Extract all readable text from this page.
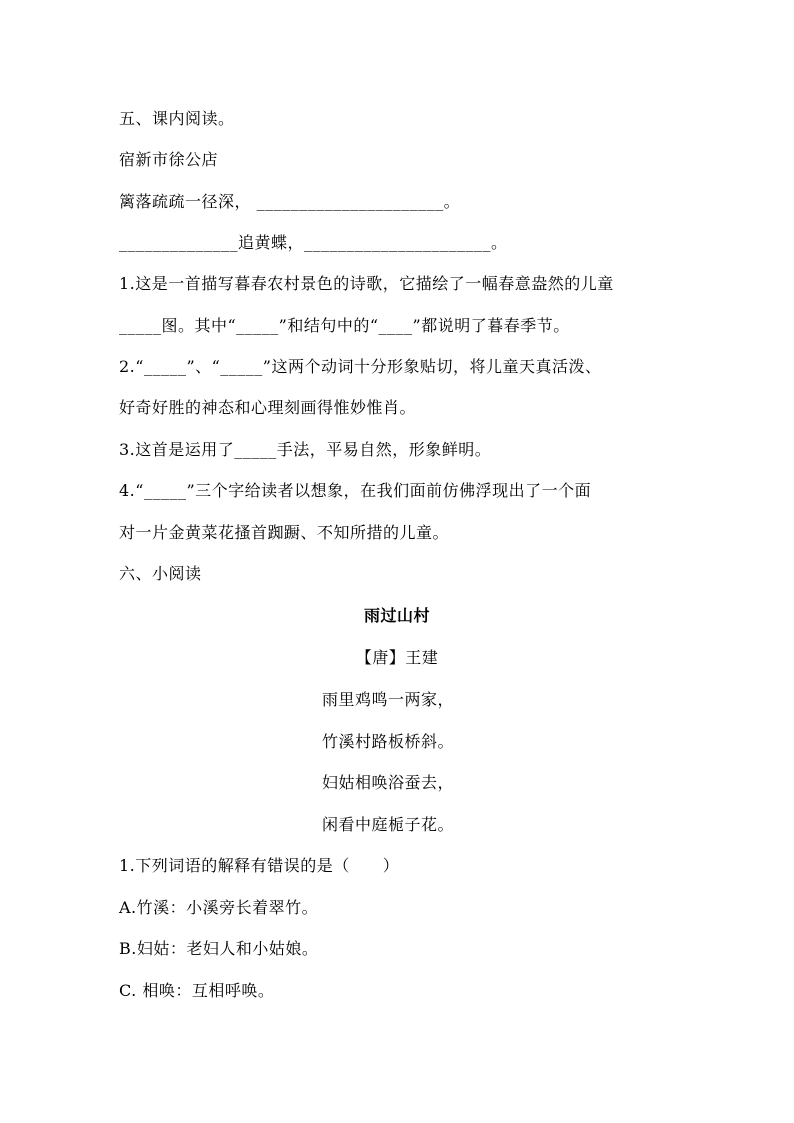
五、课内阅读。
宿新市徐公店
篱落疏疏一径深， ______________________。
______________追黄蝶，______________________。
1.这是一首描写暮春农村景色的诗歌，它描绘了一幅春意盎然的儿童
_____图。其中“_____”和结句中的“____”都说明了暮春季节。
2.“_____”、“_____”这两个动词十分形象贴切，将儿童天真活泼、
好奇好胜的神态和心理刻画得惟妙惟肖。
3.这首是运用了_____手法，平易自然，形象鲜明。
4.“_____”三个字给读者以想象，在我们面前仿佛浮现出了一个面
对一片金黄菜花搔首踟蹰、不知所措的儿童。
六、小阅读
雨过山村
【唐】王建
雨里鸡鸣一两家，
竹溪村路板桥斜。
妇姑相唤浴蚕去，
闲看中庭栀子花。
1.下列词语的解释有错误的是（　　）
A.竹溪：小溪旁长着翠竹。
B.妇姑：老妇人和小姑娘。
C. 相唤：互相呼唤。
